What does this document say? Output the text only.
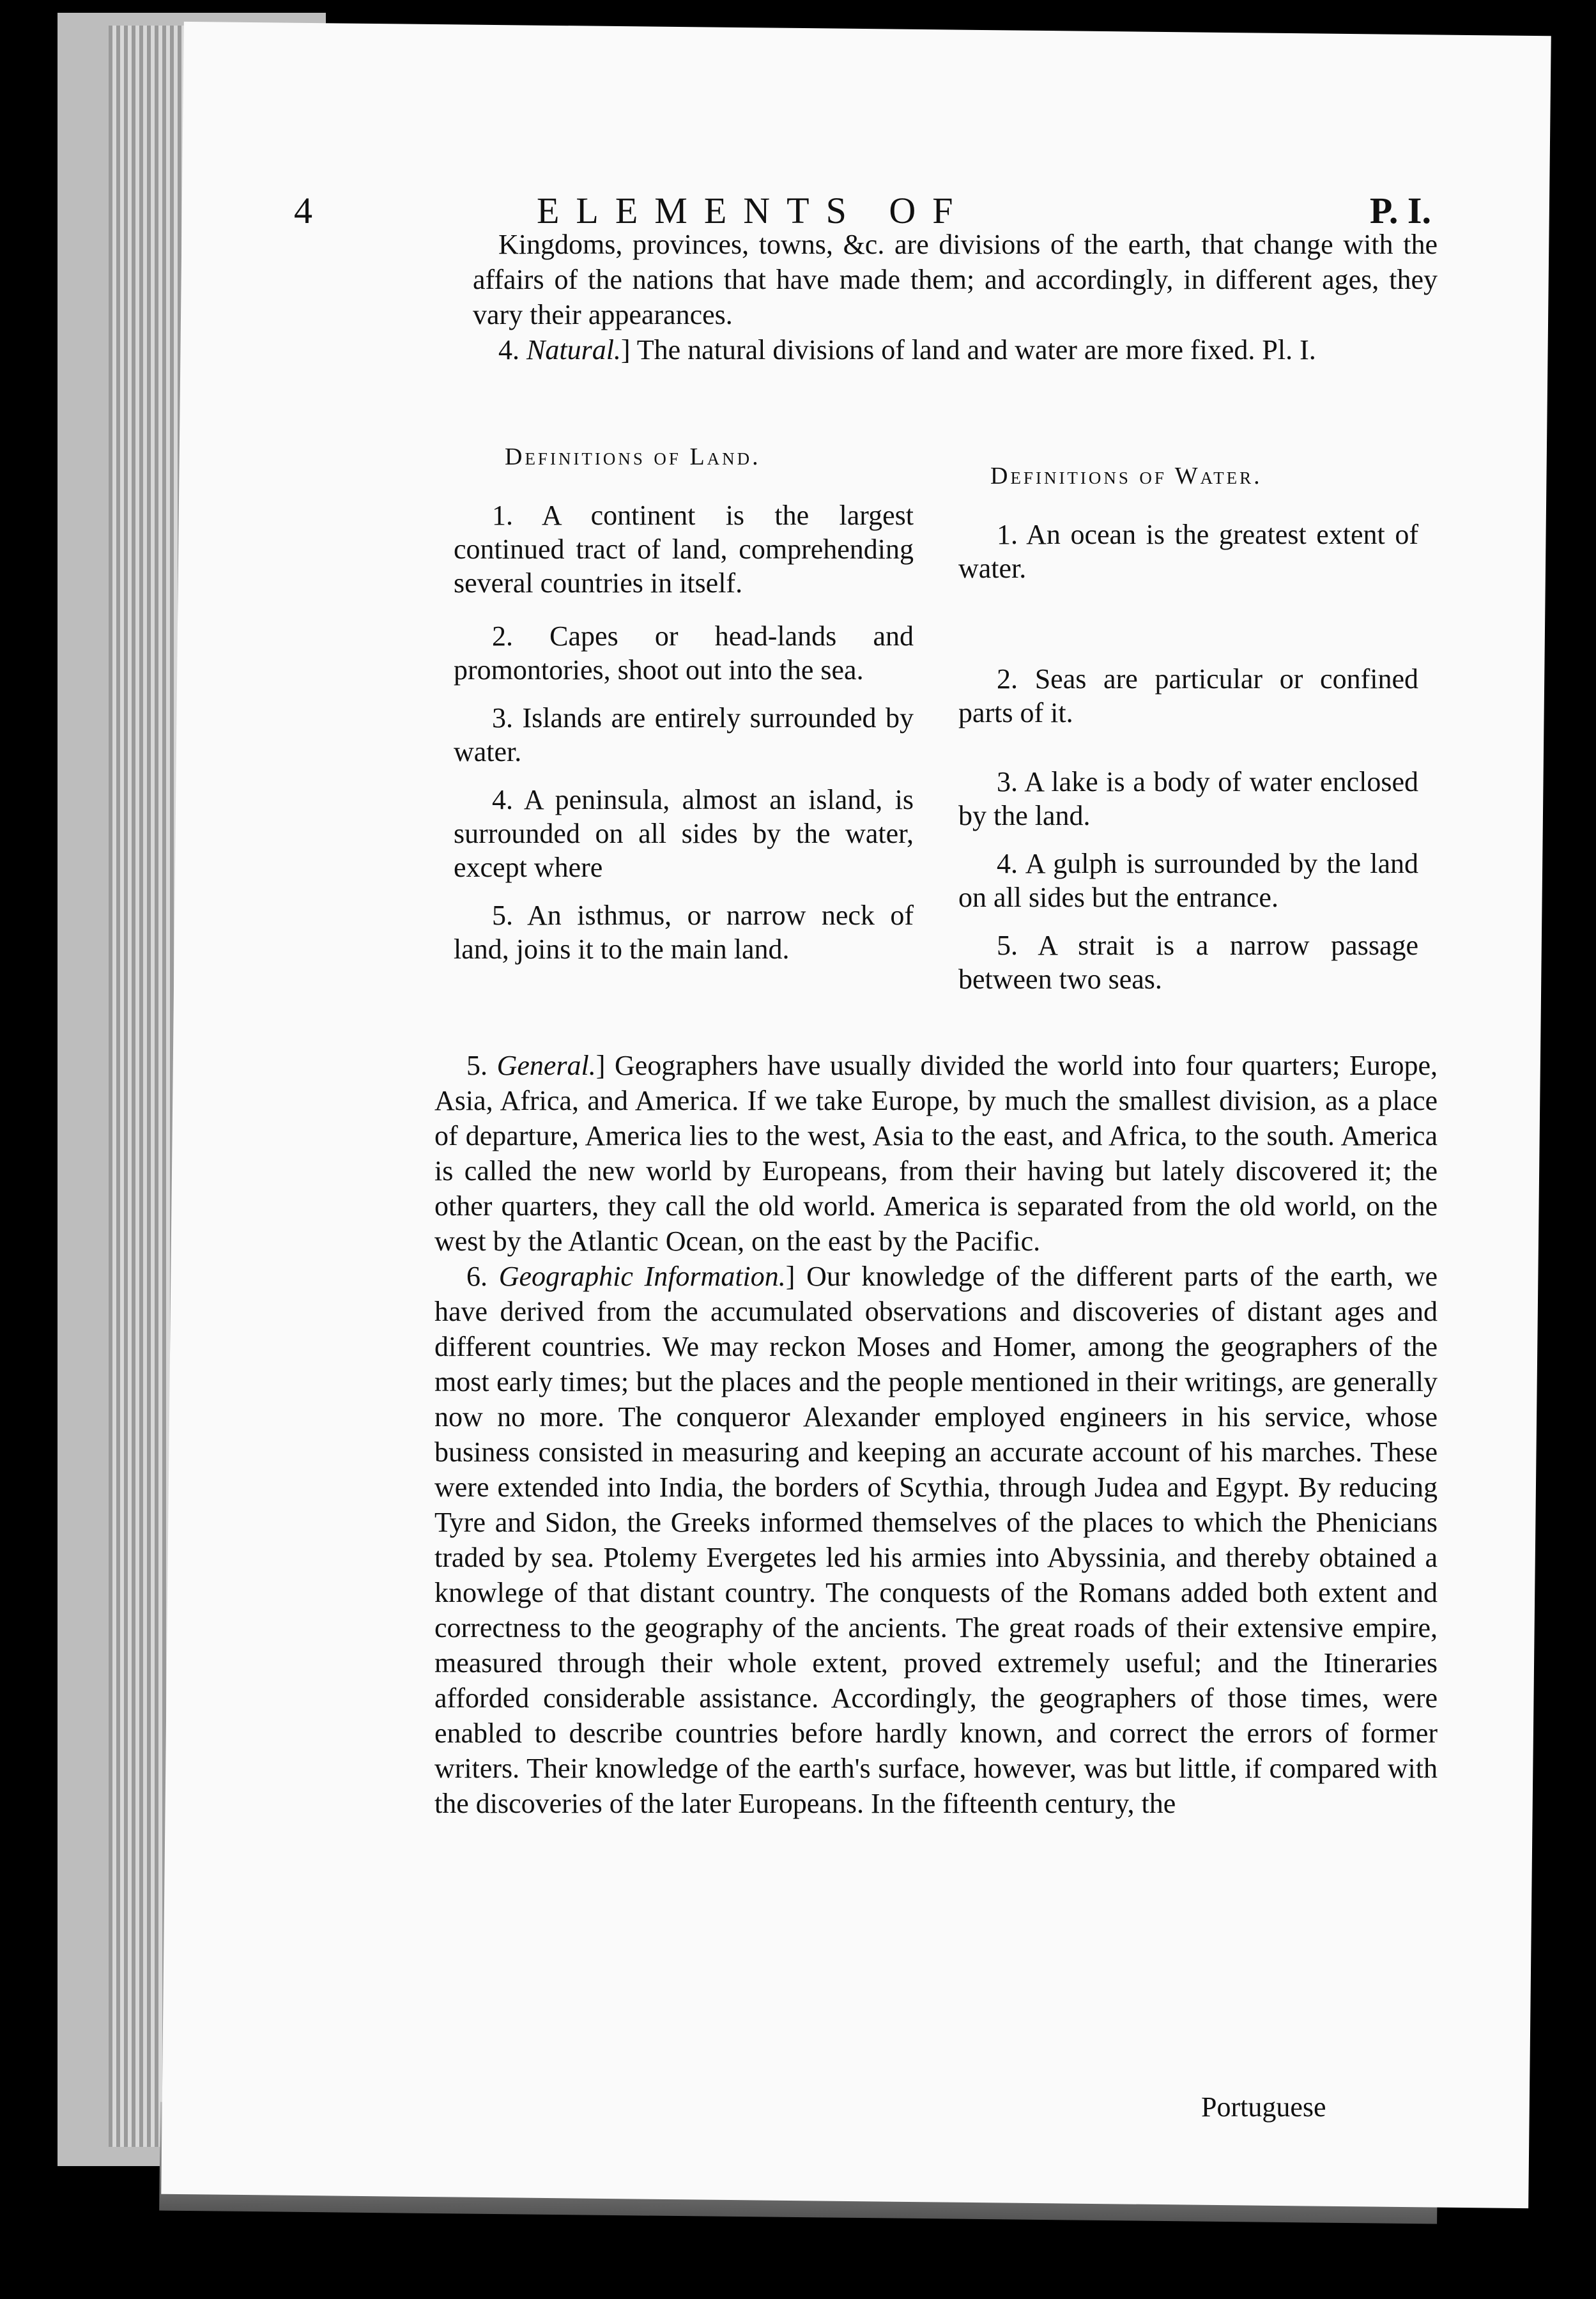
4	ELEMENTS OF	P. I.
Kingdoms, provinces, towns, &c. are divisions of the earth, that change with the affairs of the nations that have made them; and accordingly, in different ages, they vary their appearances.
4. Natural.] The natural divisions of land and water are more fixed. Pl. I.
Definitions of Land.
Definitions of Water.

1. A continent is the largest continued tract of land, comprehending several countries in itself.

2. Capes or head-lands and promontories, shoot out into the sea.

3. Islands are entirely surrounded by water.

4. A peninsula, almost an island, is surrounded on all sides by the water, except where

5. An isthmus, or narrow neck of land, joins it to the main land.

1. An ocean is the greatest extent of water.

2. Seas are particular or confined parts of it.

3. A lake is a body of water enclosed by the land.

4. A gulph is surrounded by the land on all sides but the entrance.

5. A strait is a narrow passage between two seas.

5. General.] Geographers have usually divided the world into four quarters; Europe, Asia, Africa, and America. If we take Europe, by much the smallest division, as a place of departure, America lies to the west, Asia to the east, and Africa, to the south. America is called the new world by Europeans, from their having but lately discovered it; the other quarters, they call the old world. America is separated from the old world, on the west by the Atlantic Ocean, on the east by the Pacific.

6. Geographic Information.] Our knowledge of the different parts of the earth, we have derived from the accumulated observations and discoveries of distant ages and different countries. We may reckon Moses and Homer, among the geographers of the most early times; but the places and the people mentioned in their writings, are generally now no more. The conqueror Alexander employed engineers in his service, whose business consisted in measuring and keeping an accurate account of his marches. These were extended into India, the borders of Scythia, through Judea and Egypt. By reducing Tyre and Sidon, the Greeks informed themselves of the places to which the Phenicians traded by sea. Ptolemy Evergetes led his armies into Abyssinia, and thereby obtained a knowlege of that distant country. The conquests of the Romans added both extent and correctness to the geography of the ancients. The great roads of their extensive empire, measured through their whole extent, proved extremely useful; and the Itineraries afforded considerable assistance. Accordingly, the geographers of those times, were enabled to describe countries before hardly known, and correct the errors of former writers. Their knowledge of the earth's surface, however, was but little, if compared with the discoveries of the later Europeans. In the fifteenth century, the

Portuguese
